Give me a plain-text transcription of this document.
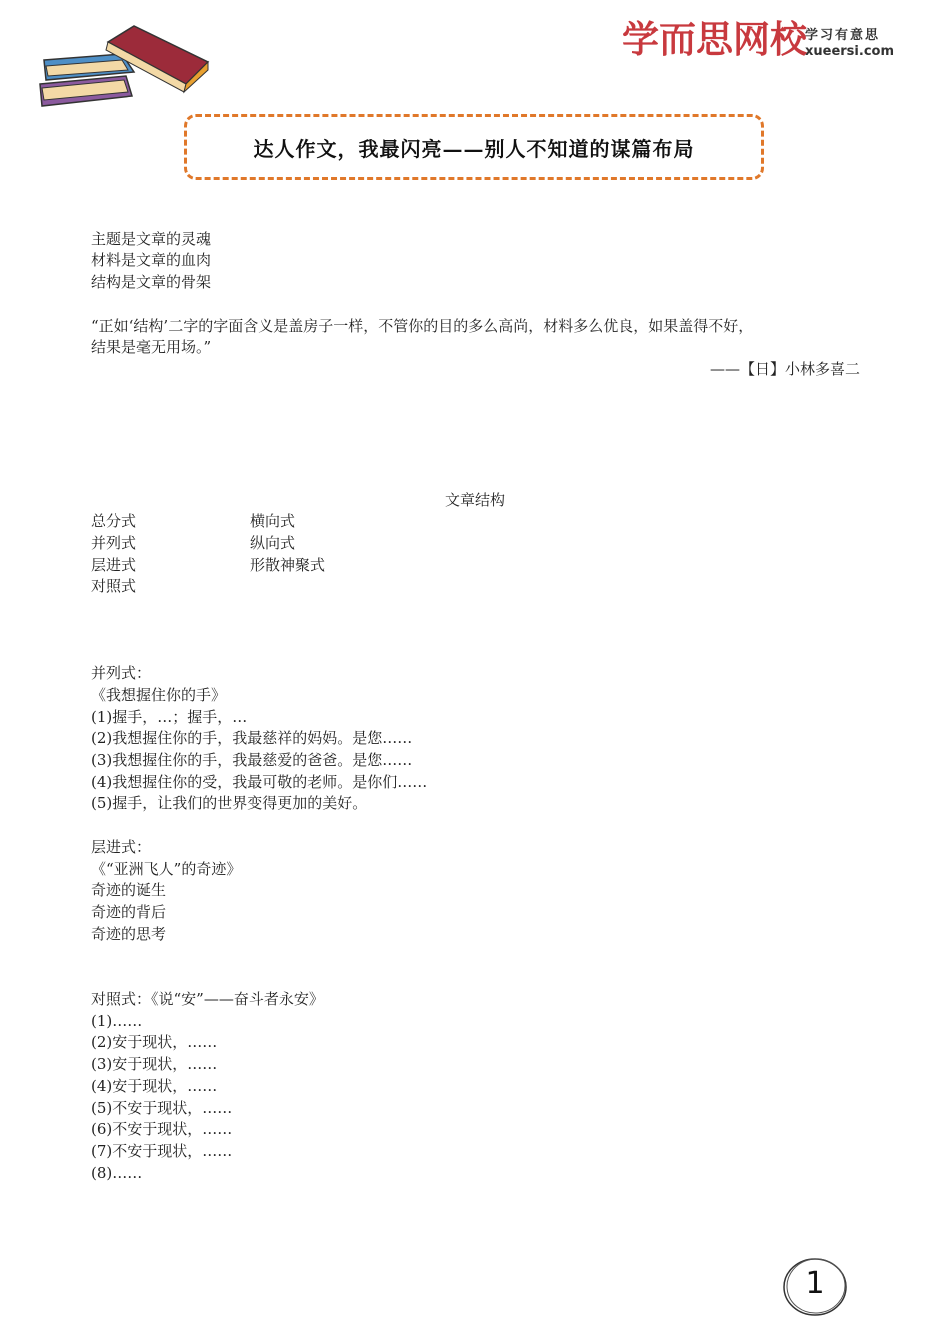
学而思网校
学习有意思
xueersi.com
达人作文，我最闪亮——别人不知道的谋篇布局
主题是文章的灵魂
材料是文章的血肉
结构是文章的骨架
“正如‘结构’二字的字面含义是盖房子一样，不管你的目的多么高尚，材料多么优良，如果盖得不好，
结果是毫无用场。”
——【日】小林多喜二
文章结构
总分式
并列式
层进式
对照式
横向式
纵向式
形散神聚式
并列式：
《我想握住你的手》
(1)握手，…；握手，…
(2)我想握住你的手，我最慈祥的妈妈。是您……
(3)我想握住你的手，我最慈爱的爸爸。是您……
(4)我想握住你的受，我最可敬的老师。是你们……
(5)握手，让我们的世界变得更加的美好。
层进式：
《“亚洲飞人”的奇迹》
奇迹的诞生
奇迹的背后
奇迹的思考
对照式：《说“安”——奋斗者永安》
(1)……
(2)安于现状，……
(3)安于现状，……
(4)安于现状，……
(5)不安于现状，……
(6)不安于现状，……
(7)不安于现状，……
(8)……
1
